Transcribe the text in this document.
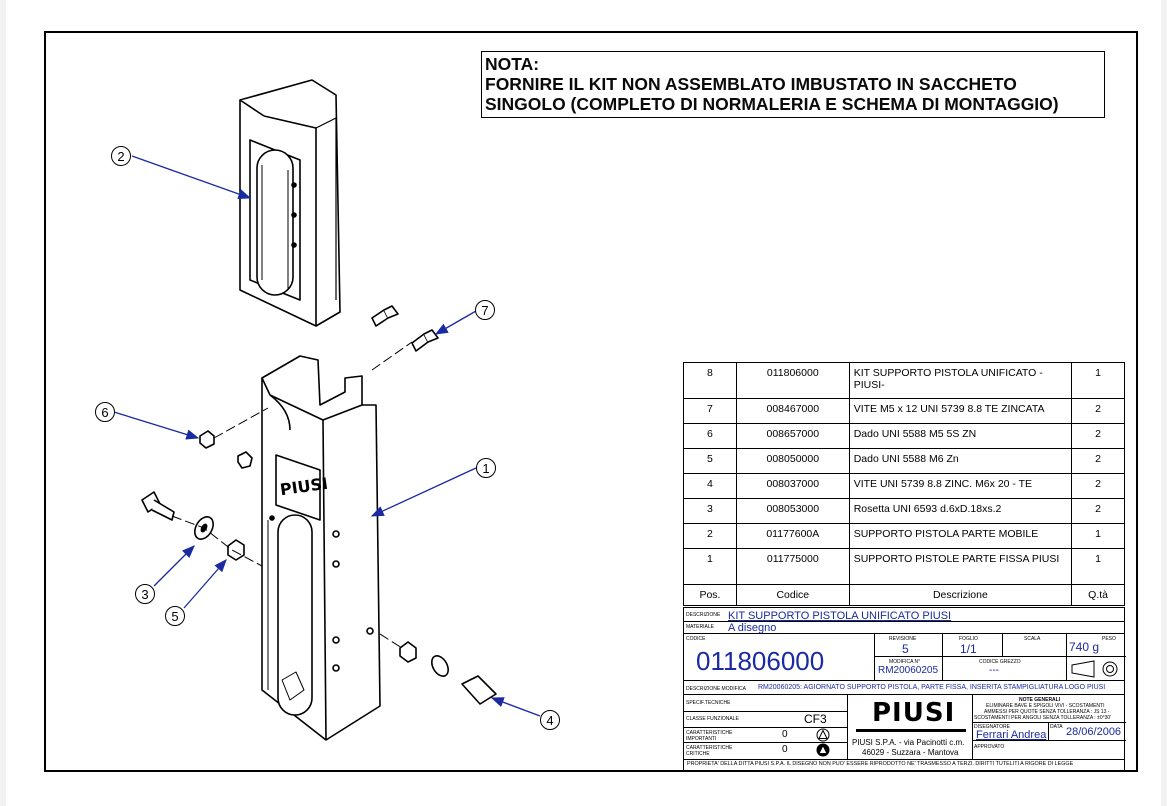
NOTA:
FORNIRE IL KIT NON ASSEMBLATO IMBUSTATO IN SACCHETO
SINGOLO (COMPLETO DI NORMALERIA E SCHEMA DI MONTAGGIO)
PIUSI
2
7
6
1
3
5
4
8	011806000	KIT SUPPORTO PISTOLA UNIFICATO -PIUSI-	1
7	008467000	VITE M5 x 12 UNI 5739 8.8 TE ZINCATA	2
6	008657000	Dado UNI 5588 M5 5S ZN	2
5	008050000	Dado UNI 5588 M6 Zn	2
4	008037000	VITE UNI 5739 8.8 ZINC. M6x 20 - TE	2
3	008053000	Rosetta UNI 6593 d.6xD.18xs.2	2
2	01177600A	SUPPORTO PISTOLA PARTE MOBILE	1
1	011775000	SUPPORTO PISTOLE PARTE FISSA PIUSI	1
Pos.	Codice	Descrizione	Q.tà
DESCRIZIONE KIT SUPPORTO PISTOLA UNIFICATO PIUSI
MATERIALE A disegno
CODICE
011806000
REVISIONE
5
FOGLIO
1/1
SCALA	PESO
740 g
MODIFICA N°
RM20060205
CODICE GREZZO
---
DESCRIZIONE MODIFICA RM20060205: AGIORNATO SUPPORTO PISTOLA, PARTE FISSA, INSERITA STAMPIGLIATURA LOGO PIUSI
SPECIF.TECNICHE
CLASSE FUNZIONALE	CF3
CARATTERISTICHE IMPORTANTI	0
CARATTERISTICHE CRITICHE	0
PIUSI
PIUSI S.P.A. - via Pacinotti c.m.
46029 - Suzzara - Mantova
NOTE GENERALI
ELIMINARE BAVE E SPIGOLI VIVI - SCOSTAMENTI
AMMESSI PER QUOTE SENZA TOLLERANZA : JS 13 -
SCOSTAMENTI PER ANGOLI SENZA TOLLERANZA : ±0°30'
DISEGNATORE
Ferrari Andrea
DATA 28/06/2006
APPROVATO
PROPRIETA' DELLA DITTA PIUSI S.P.A. IL DISEGNO NON PUO' ESSERE RIPRODOTTO NE' TRASMESSO A TERZI. DIRITTI TUTELITI A RIGORE DI LEGGE
